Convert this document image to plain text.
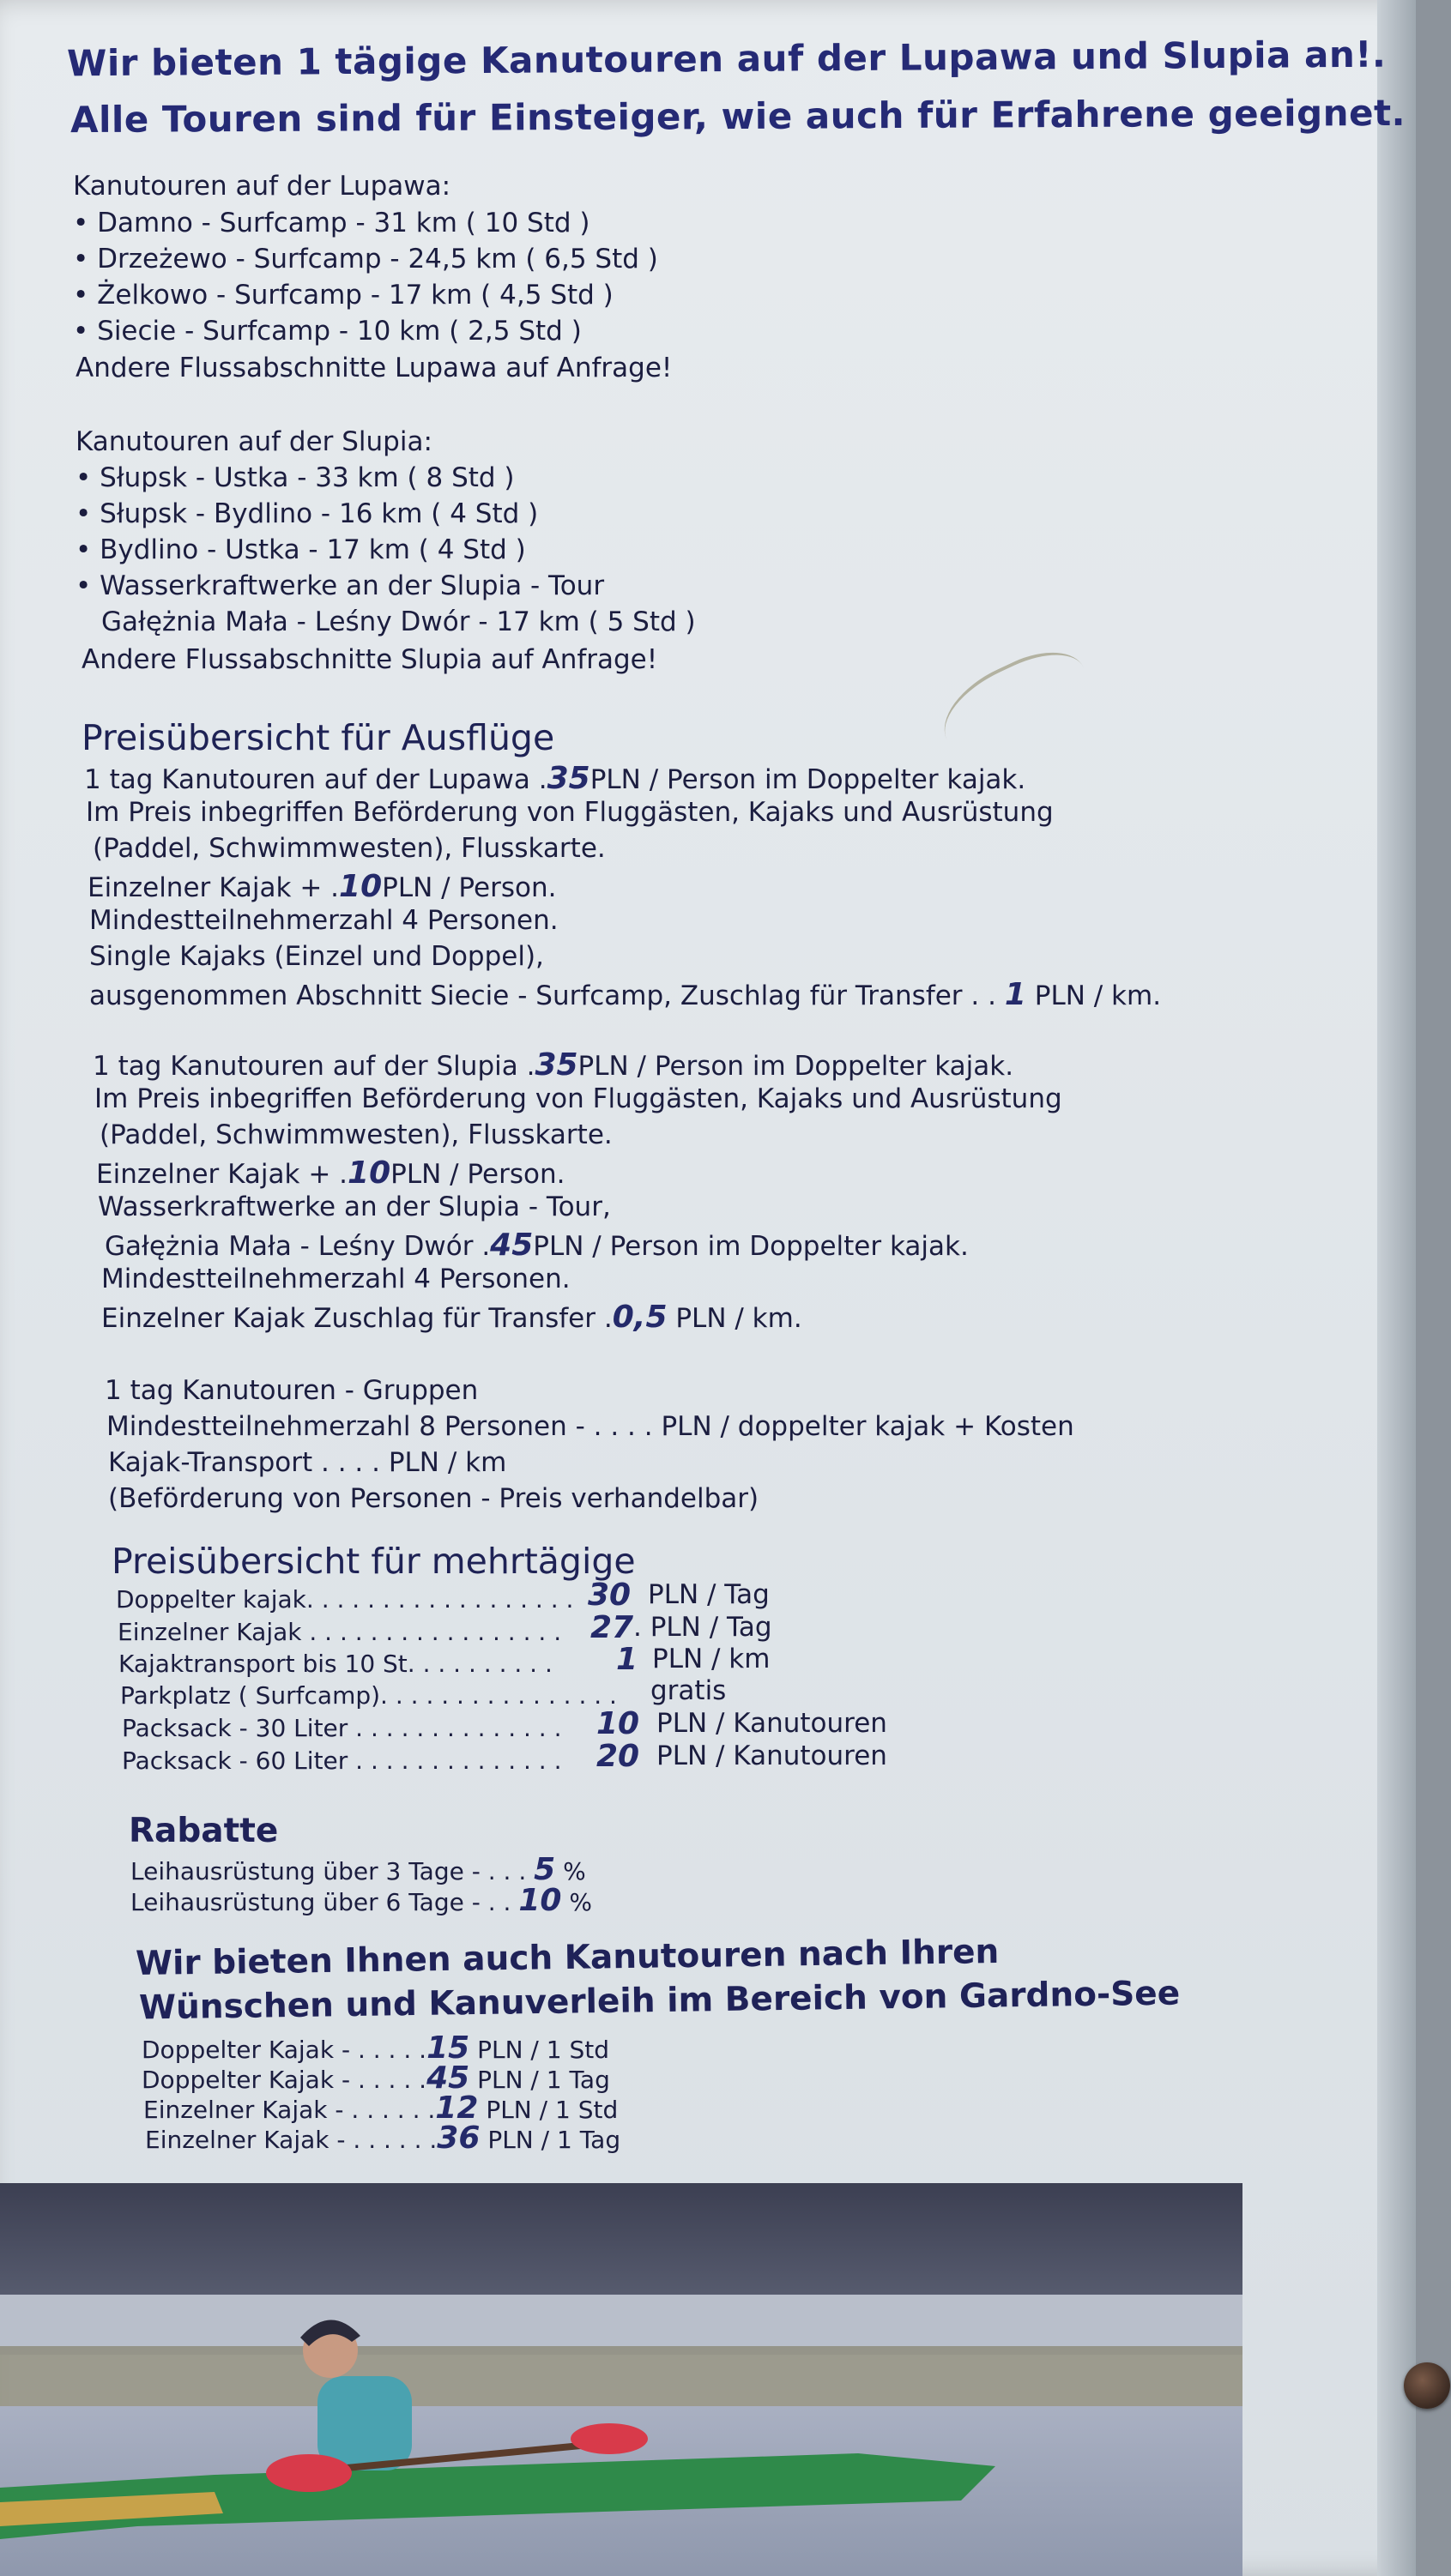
Wir bieten 1 tägige Kanutouren auf der Lupawa und Slupia an!.
Alle Touren sind für Einsteiger, wie auch für Erfahrene geeignet.
Kanutouren auf der Lupawa:
• Damno - Surfcamp - 31 km ( 10 Std )
• Drzeżewo - Surfcamp - 24,5 km ( 6,5 Std )
• Żelkowo - Surfcamp - 17 km ( 4,5 Std )
• Siecie - Surfcamp - 10 km ( 2,5 Std )
Andere Flussabschnitte Lupawa auf Anfrage!
Kanutouren auf der Slupia:
• Słupsk - Ustka - 33 km ( 8 Std )
• Słupsk - Bydlino - 16 km ( 4 Std )
• Bydlino - Ustka - 17 km ( 4 Std )
• Wasserkraftwerke an der Slupia - Tour
Gałężnia Mała - Leśny Dwór - 17 km ( 5 Std )
Andere Flussabschnitte Slupia auf Anfrage!
Preisübersicht für Ausflüge
1 tag Kanutouren auf der Lupawa .35PLN / Person im Doppelter kajak.
Im Preis inbegriffen Beförderung von Fluggästen, Kajaks und Ausrüstung
(Paddel, Schwimmwesten), Flusskarte.
Einzelner Kajak + .10PLN / Person.
Mindestteilnehmerzahl 4 Personen.
Single Kajaks (Einzel und Doppel),
ausgenommen Abschnitt Siecie - Surfcamp, Zuschlag für Transfer . . 1 PLN / km.
1 tag Kanutouren auf der Slupia .35PLN / Person im Doppelter kajak.
Im Preis inbegriffen Beförderung von Fluggästen, Kajaks und Ausrüstung
(Paddel, Schwimmwesten), Flusskarte.
Einzelner Kajak + .10PLN / Person.
Wasserkraftwerke an der Slupia - Tour,
Gałężnia Mała - Leśny Dwór .45PLN / Person im Doppelter kajak.
Mindestteilnehmerzahl 4 Personen.
Einzelner Kajak Zuschlag für Transfer .0,5 PLN / km.
1 tag Kanutouren - Gruppen
Mindestteilnehmerzahl 8 Personen - . . . . PLN / doppelter kajak + Kosten
Kajak-Transport . . . . PLN / km
(Beförderung von Personen - Preis verhandelbar)
Preisübersicht für mehrtägige
Doppelter kajak. . . . . . . . . . . . . . . . . . 30 PLN / Tag
Einzelner Kajak . . . . . . . . . . . . . . . . . 27 . PLN / Tag
Kajaktransport bis 10 St. . . . . . . . . . 1 PLN / km
Parkplatz ( Surfcamp). . . . . . . . . . . . . . . . gratis
Packsack - 30 Liter . . . . . . . . . . . . . . 10 PLN / Kanutouren
Packsack - 60 Liter . . . . . . . . . . . . . . 20 PLN / Kanutouren
Rabatte
Leihausrüstung über 3 Tage - . . . 5 %
Leihausrüstung über 6 Tage - . . 10 %
Wir bieten Ihnen auch Kanutouren nach Ihren
Wünschen und Kanuverleih im Bereich von Gardno-See
Doppelter Kajak - . . . . .15 PLN / 1 Std
Doppelter Kajak - . . . . .45 PLN / 1 Tag
Einzelner Kajak - . . . . . .12 PLN / 1 Std
Einzelner Kajak - . . . . . .36 PLN / 1 Tag
